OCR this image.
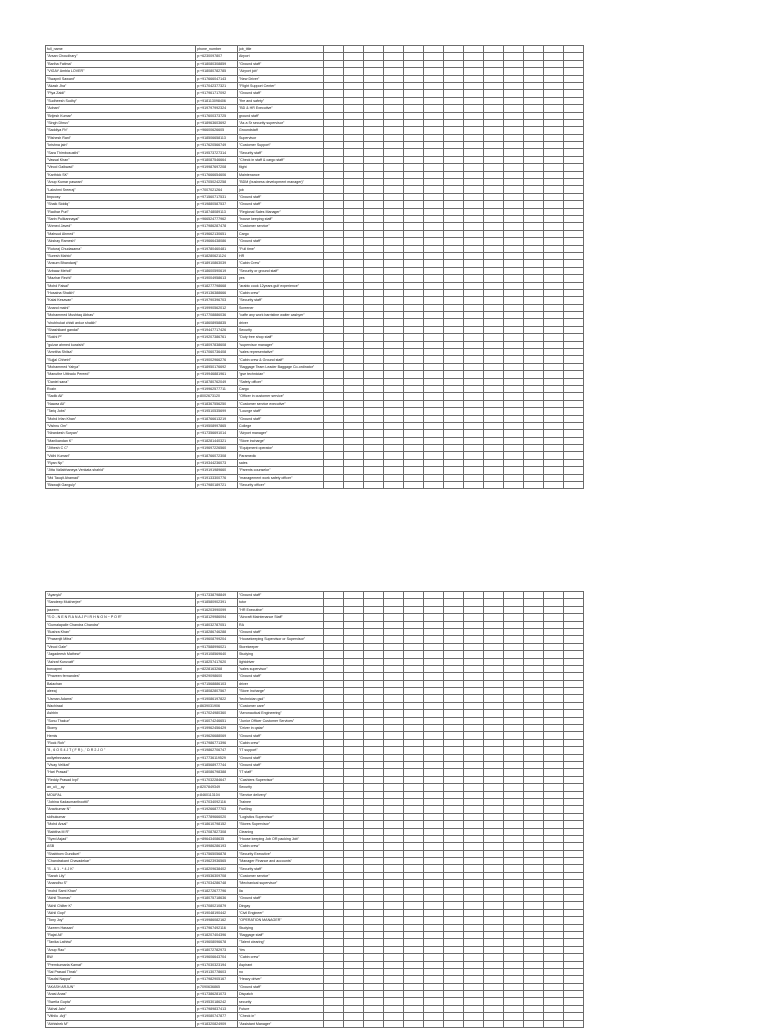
full_name	phone_number	job_title													
"Arsan Choudhary"	p:+6230097807	Airport													
"Barlha Fatima"	p:+918080308859	"Ground staff"													
"VIGAY Ambla LOVER"	p:+918080782785	"Airport job"													
"Swapnil Sawant"	p:+917666047143	"New Driver"													
"Akash Jha"	p:+917042377321	"Flight Support Center"													
"Piya Zaidi"	p:+917961717092	"Ground staff"													
"Sudheesh Sudhy"	p:+918113098406	"fire and safety"													
"Adnan"	p:+919797992324	"BD & HR Executive"													
"Brijesh Kumar"	p:+917600373725	ground staff"													
"Singh Dhruv"	p:+918963603692	"As a Sr security supervisor"													
"Saddiya Fb"	p:+96600626605	Groundstaff													
"Rishesh Rani"	p:+918506658113	Supervisor													
"krishna jain"	p:+917620566749	"Customer Support"													
"Sara Thimbosusthi"	p:+919573727314	"Security staff"													
"Vassal Khan"	p:+918087546664	"Check in staff & cargo staff"													
"Vinod Gaikwad"	p:+919987697208	flight													
"Karthick SK"	p:+917666654606	Maintenance													
"Anup Kumar paswan"	p:+917050242258	"BDM (business development manager)"													
"Lakshmi Sreeraj"	p:+7007021264	job													
bnpcosy	p:+971560717531	"Ground staff"													
"Shaik Siddiq"	p:+919880587537	"Ground staff"													
"Radhar Puri"	p:+918748089113	"Regional Sales Manager"													
"Sarin Pulikannayal"	p:+966524777962	"house keeping staff"													
"Ahmed Javed"	p:+917986287478	"Customer service"													
"Mahsud Ahmed"	p:+919662130651	Cargo													
"Akshay Ramesh"	p:+919666438086	"Ground staff"													
"Ruturaj Chudasama"	p:+919780460481	"Full time"													
"Suresh Mahto"	p:+918280621124	HR													
"Ansum Bhandwaj"	p:+918910863039	"Cabin Crew"													
"Arbaaz Mehdi"	p:+918600590619	"Security or ground staff"													
"Mazhar Rezhi"	p:+919004958613	yes													
"Mohd Faisal"	p:+918277798668	"arabic cook 12years gulf experience"													
"Husaina Shaikh"	p:+919136388666	"Cabin crew"													
"Kalai Kesavan"	p:+919790396703	"Security staff"													
"Anand maini"	p:+919990562012	Screener													
"Mohammed Mushtaq Abbas"	p:+917708886036	"caffe any work barristine waiter cashyer"													
"shubhukat chisti ankur shaikh"	p:+918608958835	driver													
"Shashikant gandal"	p:+919447717426	Security													
"Sokhi P"	p:+919207386761	"Duty free shop staff"													
"gulzar ahmed kuraishi"	p:+918097838608	"supervisor manager"													
"Amritha Shilsa"	p:+917060736408	"sales representative"													
"Sujjal Chhetri"	p:+919002966276	"Cabin crew & Ground staff"													
"Mohammed Yahya"	p:+918950176692	"Baggage Team Leader Baggage Co-ordinator"													
"Manuthe Uttiradu Pereed"	p:+919946881961	"gse technician"													
"Daniel sana"	p:+918780762049	"Safety officer"													
Rozin	p:+919962577711	Cargo													
"Sadik Ali"	p:8002673120	"Officer in customer service"													
"Nawaz Ali"	p:+918367556250	"Customer service executive"													
"Tariq Jobs"	p:+919510535699	"Lounge staff"													
"Mohd Irfan Khan"	p:+918766613219	"Ground staff"													
"Vishnu Om"	p:+919508997865	College													
"Nirankesh Suryan"	p:+917356691014	"Airport manager"													
"Manikandan K"	p:+918281440321	"Store incharge"													
"Jithesh C C"	p:+919697226560	"Equipment operator"													
"Vidhi Kumari"	p:+918766072308	Paramedic													
"Ryan Np"	p:+919344236073	sales													
"Jitta Vallabhaneya Venkata shahid"	p:+919191989660	"Parents counselor"													
"Md Tauqit Ahamad"	p:+919133300776	"management work safety officer"													
"Biswajit Ganguly"	p:+917980189721	"Security officer"													
"Ayanyki"	p:+917338798849	"Ground staff"													
"Sandeep Mukherjee"	p:+918580902391	tutor													
jaseem	p:+916203990099	"HR Executive"													
"S O - N E N R A N A J P I R H N O N ~ P O R"	p:+918129986094	"Aircraft Maintenance Staff"													
"Gumalapalle Chandra Chandra"	p:+918032787051	RA													
"Bushra Khan"	p:+918286746288	"Ground staff"													
"Prasenjit Mitra"	p:+919608799204	"Housekeeping Supervisor or Supervisor"													
"Vinod Gale"	p:+917588996021	Storekeeper													
"Jagadeesh Mathew"	p:+919108569640	Studying													
"Ashraf Kuruvatt"	p:+918257417620	lightdriver													
borcapmi	p:+8228163268	"sales supervisor"													
"Praveen fernandes"	p:+8929098600	"Ground staff"													
Balachan	p:+971568886103	driver													
aleeaj	p:+918082807567	"Store Incharge"													
"Usman Adams"	p:+919086197822	"technician gsd"													
Wachiraal	p:8639031906	"Customer care"													
Ashbin	p:+917024980360	"Aeronautical Engineering"													
"Sonu Thakur"	p:+916074246651	"Junior Officer Customer Services"													
Stomy	p:+919962456429	"Driver in qatar"													
Hemis	p:+919626688069	"Ground staff"													
"Rock Roh"	p:+917986771396	"Cabin crew"													
"8 , 6 O S 4 J T ( F R ) , ' D R 2 J O "	p:+919862706747	"IT support"													
oollyebnnaana	p:+917736119529	"Ground staff"													
"Vivay Velikat"	p:+918568977744	"Ground staff"													
"Hari Prasad"	p:+918086798388	"IT staff"													
"Reddy Prasad Ivpi"	p:+917032284647	"Cashiers Supervisor"													
an_u/i__ay	p:8207849349	Security													
MOUFAL	p:8460113104	"Service delivery"													
"Jobina Kadaumanthoottil"	p:+917034092116	Trainee													
"Aravkumar N"	p:+919266877703	Fuelling													
sidhukumar	p:+917789666020	"Logistics Supervisor"													
"Mohd Arsal"	p:+918610798152	"Stores Supervisor"													
"Babitha M R"	p:+917087827308	Cleaning													
"Syed Asjad"	p:+89643408635	"House keeping Job OR packing Job"													
ASB	p:+919986286193	"Cabin crew"													
"Shabbom Gundluet"	p:+917565056878	"Security Executive"													
"Chandrakant Chavadekar"	p:+919623936565	"Manager Finance and accounts"													
"S . & 1 . * 4 J K"	p:+918209638402	"Security staff"													
"Sarah Lily"	p:+919536309708	"Customer service"													
"Anandhu S"	p:+917034286748	"Mechanical supervisor"													
"mohd Sami Khan"	p:+918272677796	Ila													
"Akhil Thomas"	p:+918075718636	"Ground staff"													
"Akhil Chilter K"	p:+917080210879	Dingay													
"Akhil Gopi"	p:+919048190442	"Civil Engineer"													
"Tony Joy"	p:+919986082162	"OPERATION MANAGER"													
"Azeem Hassan"	p:+917967492116	Studying													
"Rajat Ali"	p:+918207404396	"Baggage staff"													
"Tanika Lathiwi"	p:+919608096678	"Talent clearing"													
"Anup Rao"	p:+918072782973	Yes													
BW	p:+919606643704	"Cabin crew"													
"Premkumaria Kamat"	p:+917030323194	Aspirant													
"Sai Prasad Thrak"	p:+919130778603	no													
"Saufal Nappa"	p:+917982905167	"Heavy driver"													
"AKASH ARJUN"	p:7090636865	"Ground staff"													
"Arasi Anas"	p:+917386281073	Dispatch													
"Swetla Gupta"	p:+919530186242	security													
"Akhal Jain"	p:+917989837413	Future													
"Vithilu .Arji"	p:+919080747877	"Check in"													
"Abhishek M"	p:+918320824909	"Assistant Manager"													
